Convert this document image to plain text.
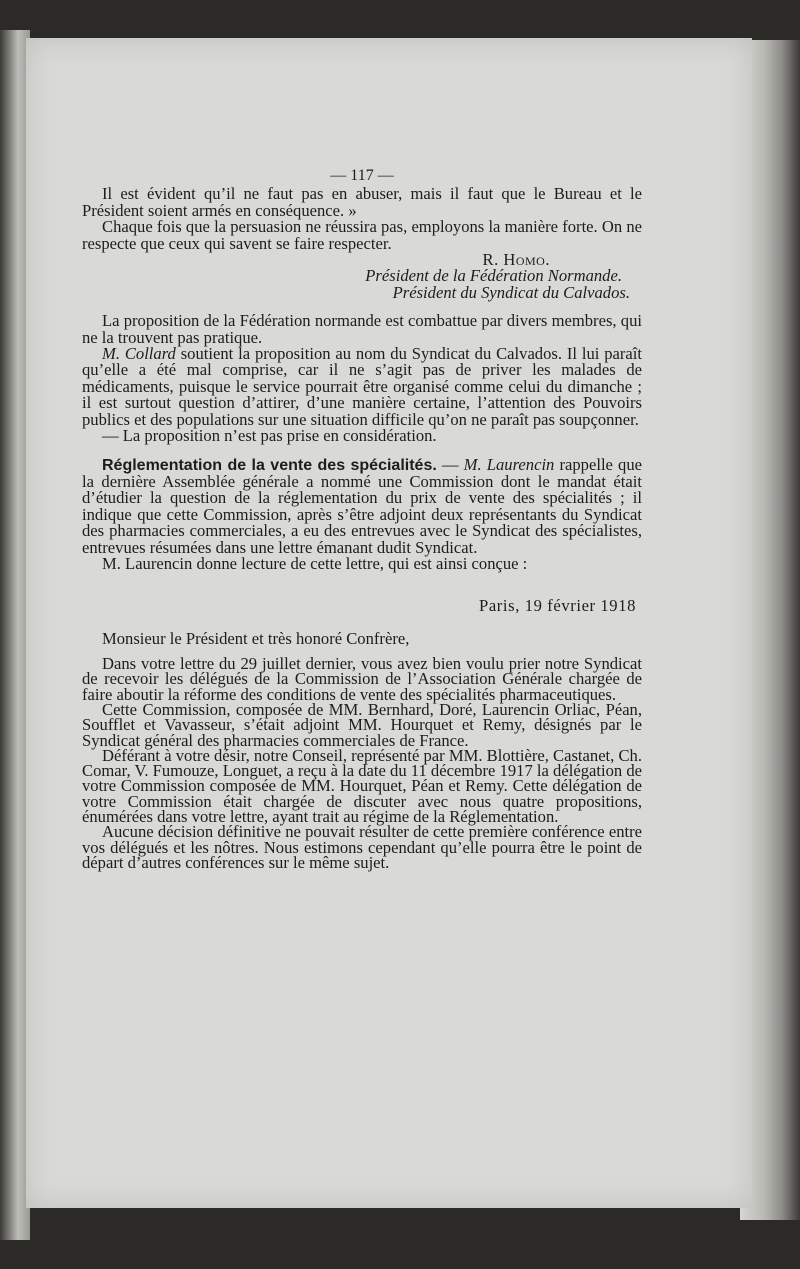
— 117 —

Il est évident qu’il ne faut pas en abuser, mais il faut que le Bureau et le Président soient armés en conséquence. »

Chaque fois que la persuasion ne réussira pas, employons la manière forte. On ne respecte que ceux qui savent se faire respecter.

R. Homo.

Président de la Fédération Normande.

Président du Syndicat du Calvados.

La proposition de la Fédération normande est combattue par divers membres, qui ne la trouvent pas pratique.

M. Collard soutient la proposition au nom du Syndicat du Calvados. Il lui paraît qu’elle a été mal comprise, car il ne s’agit pas de priver les malades de médicaments, puisque le service pourrait être organisé comme celui du dimanche ; il est surtout question d’attirer, d’une manière certaine, l’attention des Pouvoirs publics et des populations sur une situation difficile qu’on ne paraît pas soupçonner.

— La proposition n’est pas prise en considération.

Réglementation de la vente des spécialités. — M. Laurencin rappelle que la dernière Assemblée générale a nommé une Commission dont le mandat était d’étudier la question de la réglementation du prix de vente des spécialités ; il indique que cette Commission, après s’être adjoint deux représentants du Syndicat des pharmacies commerciales, a eu des entrevues avec le Syndicat des spécialistes, entrevues résumées dans une lettre émanant dudit Syndicat.

M. Laurencin donne lecture de cette lettre, qui est ainsi conçue :

Paris, 19 février 1918

Monsieur le Président et très honoré Confrère,

Dans votre lettre du 29 juillet dernier, vous avez bien voulu prier notre Syndicat de recevoir les délégués de la Commission de l’Association Générale chargée de faire aboutir la réforme des conditions de vente des spécialités pharmaceutiques.

Cette Commission, composée de MM. Bernhard, Doré, Laurencin Orliac, Péan, Soufflet et Vavasseur, s’était adjoint MM. Hourquet et Remy, désignés par le Syndicat général des pharmacies commerciales de France.

Déférant à votre désir, notre Conseil, représenté par MM. Blottière, Castanet, Ch. Comar, V. Fumouze, Longuet, a reçu à la date du 11 décembre 1917 la délégation de votre Commission composée de MM. Hourquet, Péan et Remy. Cette délégation de votre Commission était chargée de discuter avec nous quatre propositions, énumérées dans votre lettre, ayant trait au régime de la Réglementation.

Aucune décision définitive ne pouvait résulter de cette première conférence entre vos délégués et les nôtres. Nous estimons cependant qu’elle pourra être le point de départ d’autres conférences sur le même sujet.
